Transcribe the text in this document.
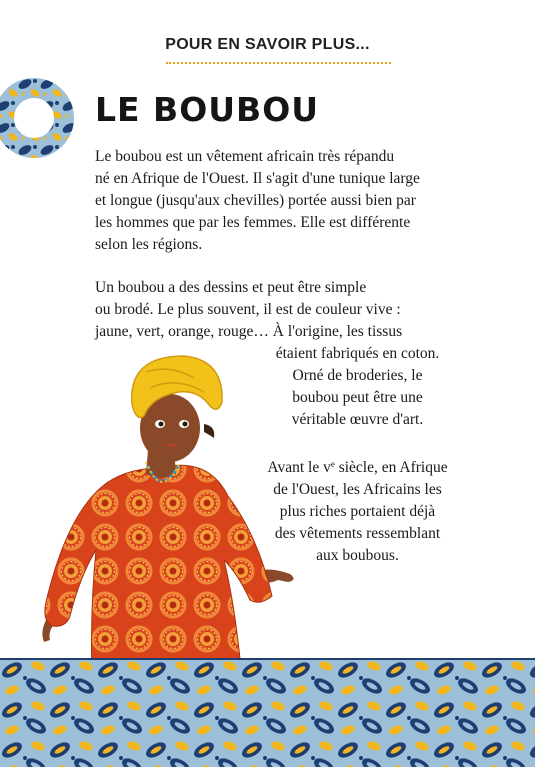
POUR EN SAVOIR PLUS...
LE BOUBOU
Le boubou est un vêtement africain très répandu
né en Afrique de l'Ouest. Il s'agit d'une tunique large
et longue (jusqu'aux chevilles) portée aussi bien par
les hommes que par les femmes. Elle est différente
selon les régions.
Un boubou a des dessins et peut être simple
ou brodé. Le plus souvent, il est de couleur vive :
jaune, vert, orange, rouge… À l'origine, les tissus
étaient fabriqués en coton.
Orné de broderies, le
boubou peut être une
véritable œuvre d'art.
Avant le $v^e$ siècle, en Afrique
de l'Ouest, les Africains les
plus riches portaient déjà
des vêtements ressemblant
aux boubous.
